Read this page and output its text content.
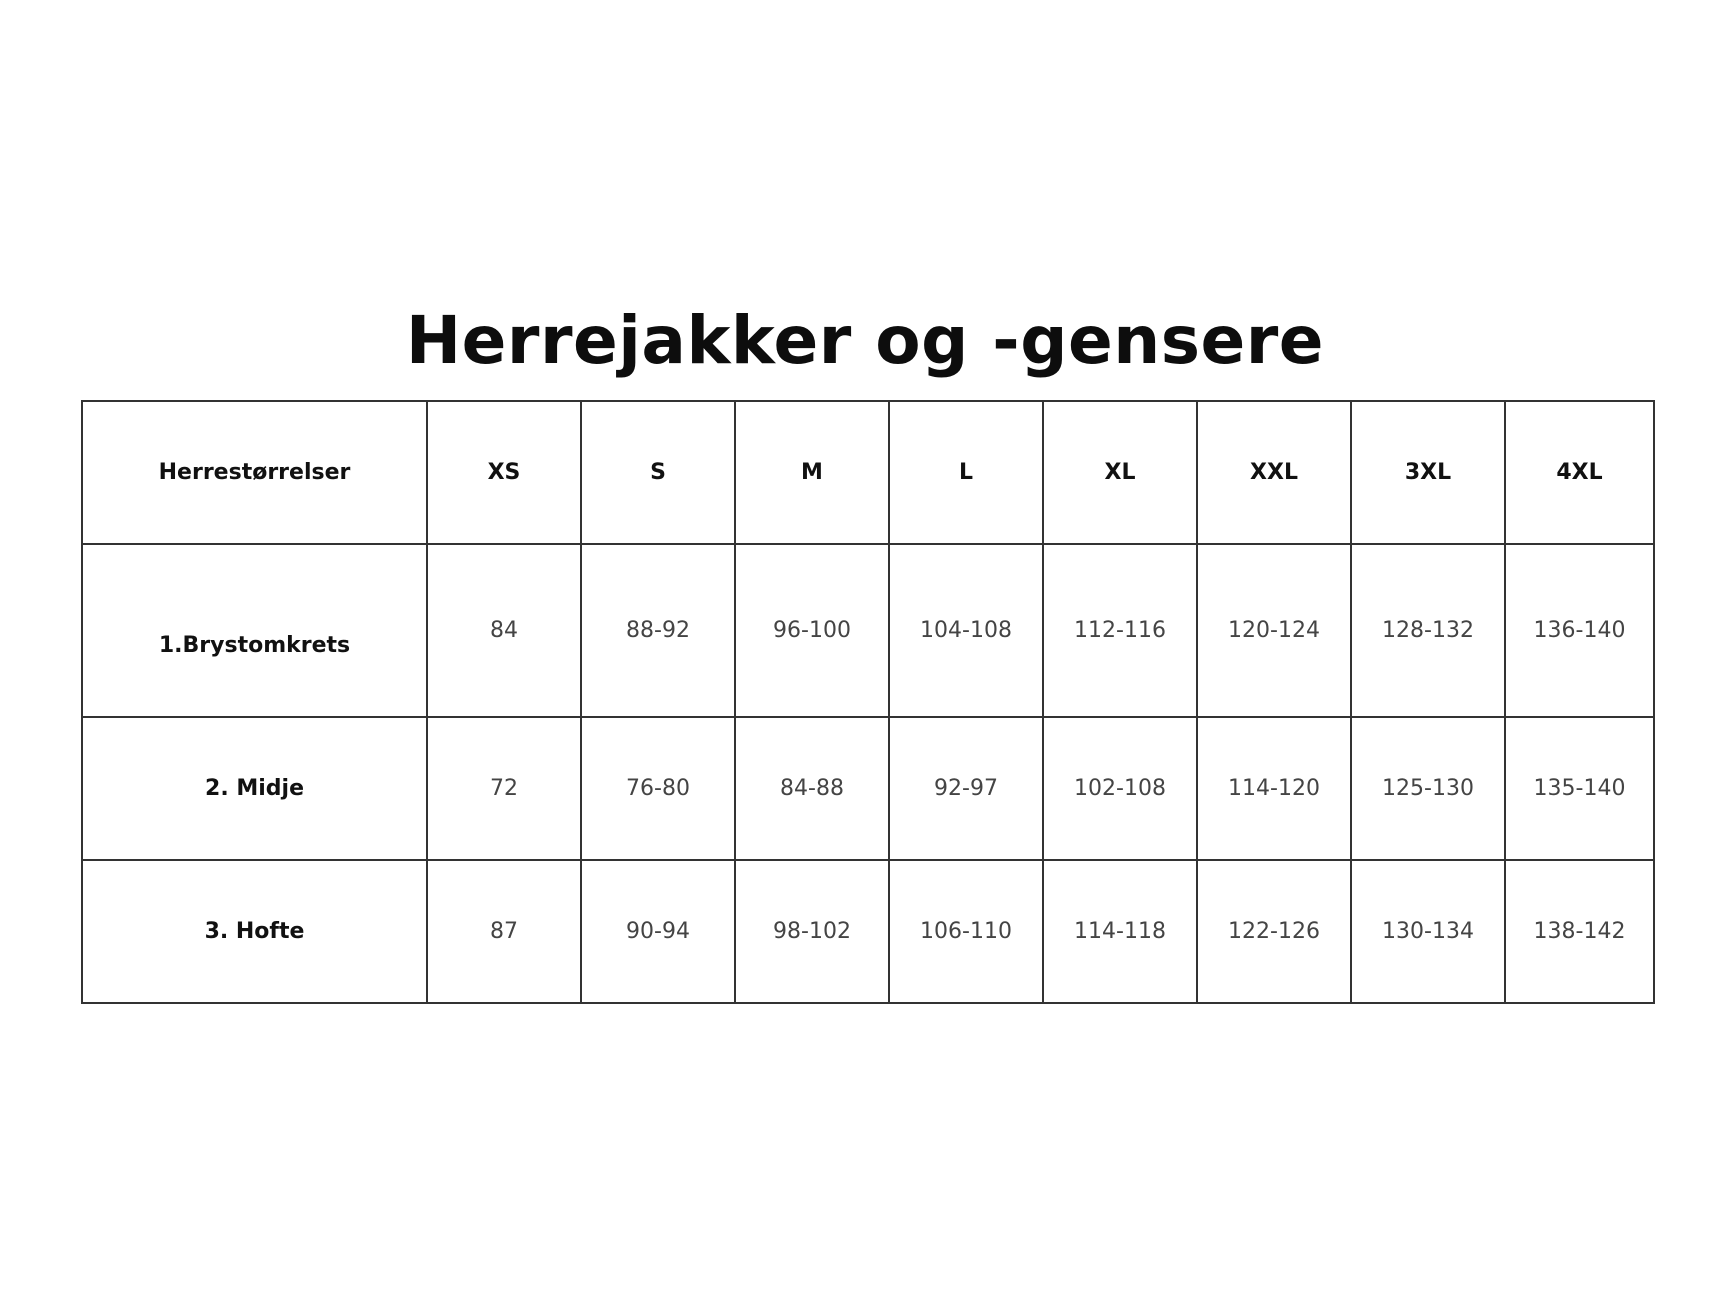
Herrejakker og -gensere
Herrestørrelser	XS	S	M	L	XL	XXL	3XL	4XL
1.Brystomkrets	84	88-92	96-100	104-108	112-116	120-124	128-132	136-140
2. Midje	72	76-80	84-88	92-97	102-108	114-120	125-130	135-140
3. Hofte	87	90-94	98-102	106-110	114-118	122-126	130-134	138-142
